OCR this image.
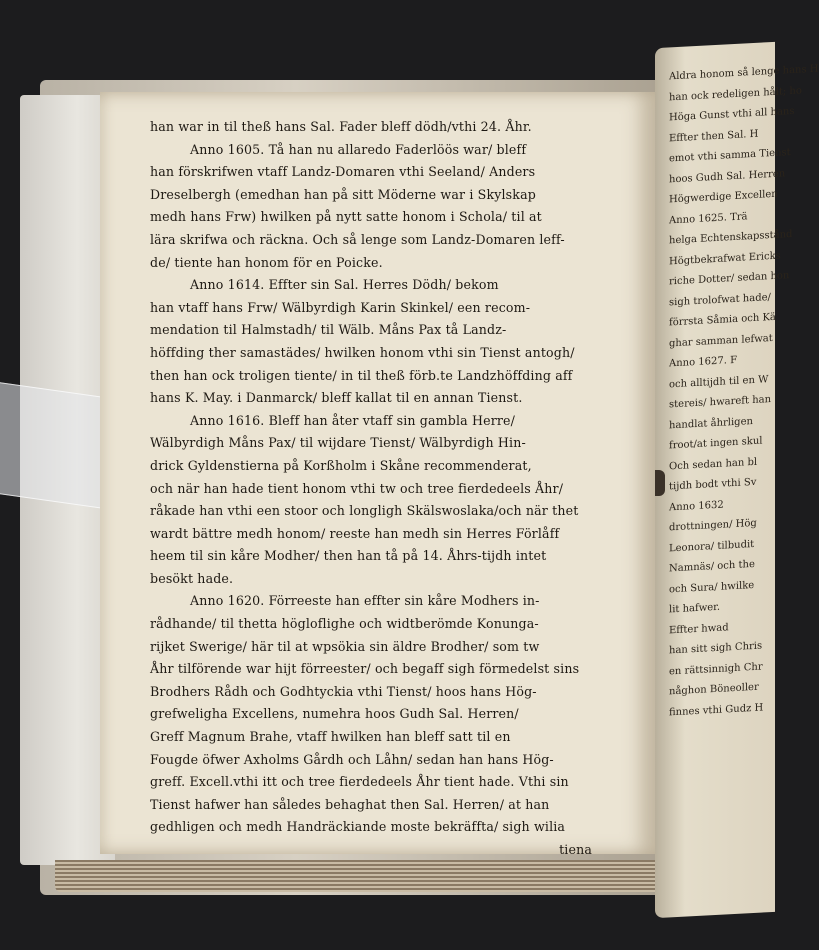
Aldra honom så lenge hans H
han ock redeligen hålt; ho
Höga Gunst vthi all hans
Effter then Sal. H
emot vthi samma Tienst
hoos Gudh Sal. Herren
Högwerdige Excellen
Anno 1625. Trä
helga Echtenskapsstånd
Högtbekrafwat Ericks
riche Dotter/ sedan hon
sigh trolofwat hade/
förrsta Såmia och Kä
ghar samman lefwat
Anno 1627. F
och alltijdh til en W
stereis/ hwareft han
handlat åhrligen
froot/at ingen skul
Och sedan han bl
tijdh bodt vthi Sv
Anno 1632
drottningen/ Hög
Leonora/ tilbudit
Namnäs/ och the
och Sura/ hwilke
lit hafwer.
Effter hwad
han sitt sigh Chris
en rättsinnigh Chr
någhon Böneoller
finnes vthi Gudz H
han war in til theß hans Sal. Fader bleff dödh/vthi 24. Åhr.
Anno 1605. Tå han nu allaredo Faderlöös war/ bleff
han förskrifwen vtaff Landz-Domaren vthi Seeland/ Anders
Dreselbergh (emedhan han på sitt Möderne war i Skylskap
medh hans Frw) hwilken på nytt satte honom i Schola/ til at
lära skrifwa och räckna. Och så lenge som Landz-Domaren leff-
de/ tiente han honom för en Poicke.
Anno 1614. Effter sin Sal. Herres Dödh/ bekom
han vtaff hans Frw/ Wälbyrdigh Karin Skinkel/ een recom-
mendation til Halmstadh/ til Wälb. Måns Pax tå Landz-
höffding ther samastädes/ hwilken honom vthi sin Tienst antogh/
then han ock troligen tiente/ in til theß förb.te Landzhöffding aff
hans K. May. i Danmarck/ bleff kallat til en annan Tienst.
Anno 1616. Bleff han åter vtaff sin gambla Herre/
Wälbyrdigh Måns Pax/ til wijdare Tienst/ Wälbyrdigh Hin-
drick Gyldenstierna på Korßholm i Skåne recommenderat,
och när han hade tient honom vthi tw och tree fierdedeels Åhr/
råkade han vthi een stoor och longligh Skälswoslaka/och när thet
wardt bättre medh honom/ reeste han medh sin Herres Förlåff
heem til sin kåre Modher/ then han tå på 14. Åhrs-tijdh intet
besökt hade.
Anno 1620. Förreeste han effter sin kåre Modhers in-
rådhande/ til thetta högloflighe och widtberömde Konunga-
rijket Swerige/ här til at wpsökia sin äldre Brodher/ som tw
Åhr tilförende war hijt förreester/ och begaff sigh förmedelst sins
Brodhers Rådh och Godhtyckia vthi Tienst/ hoos hans Hög-
grefweligha Excellens, numehra hoos Gudh Sal. Herren/
Greff Magnum Brahe, vtaff hwilken han bleff satt til en
Fougde öfwer Axholms Gårdh och Låhn/ sedan han hans Hög-
greff. Excell.vthi itt och tree fierdedeels Åhr tient hade. Vthi sin
Tienst hafwer han således behaghat then Sal. Herren/ at han
gedhligen och medh Handräckiande moste bekräffta/ sigh wilia
tiena
